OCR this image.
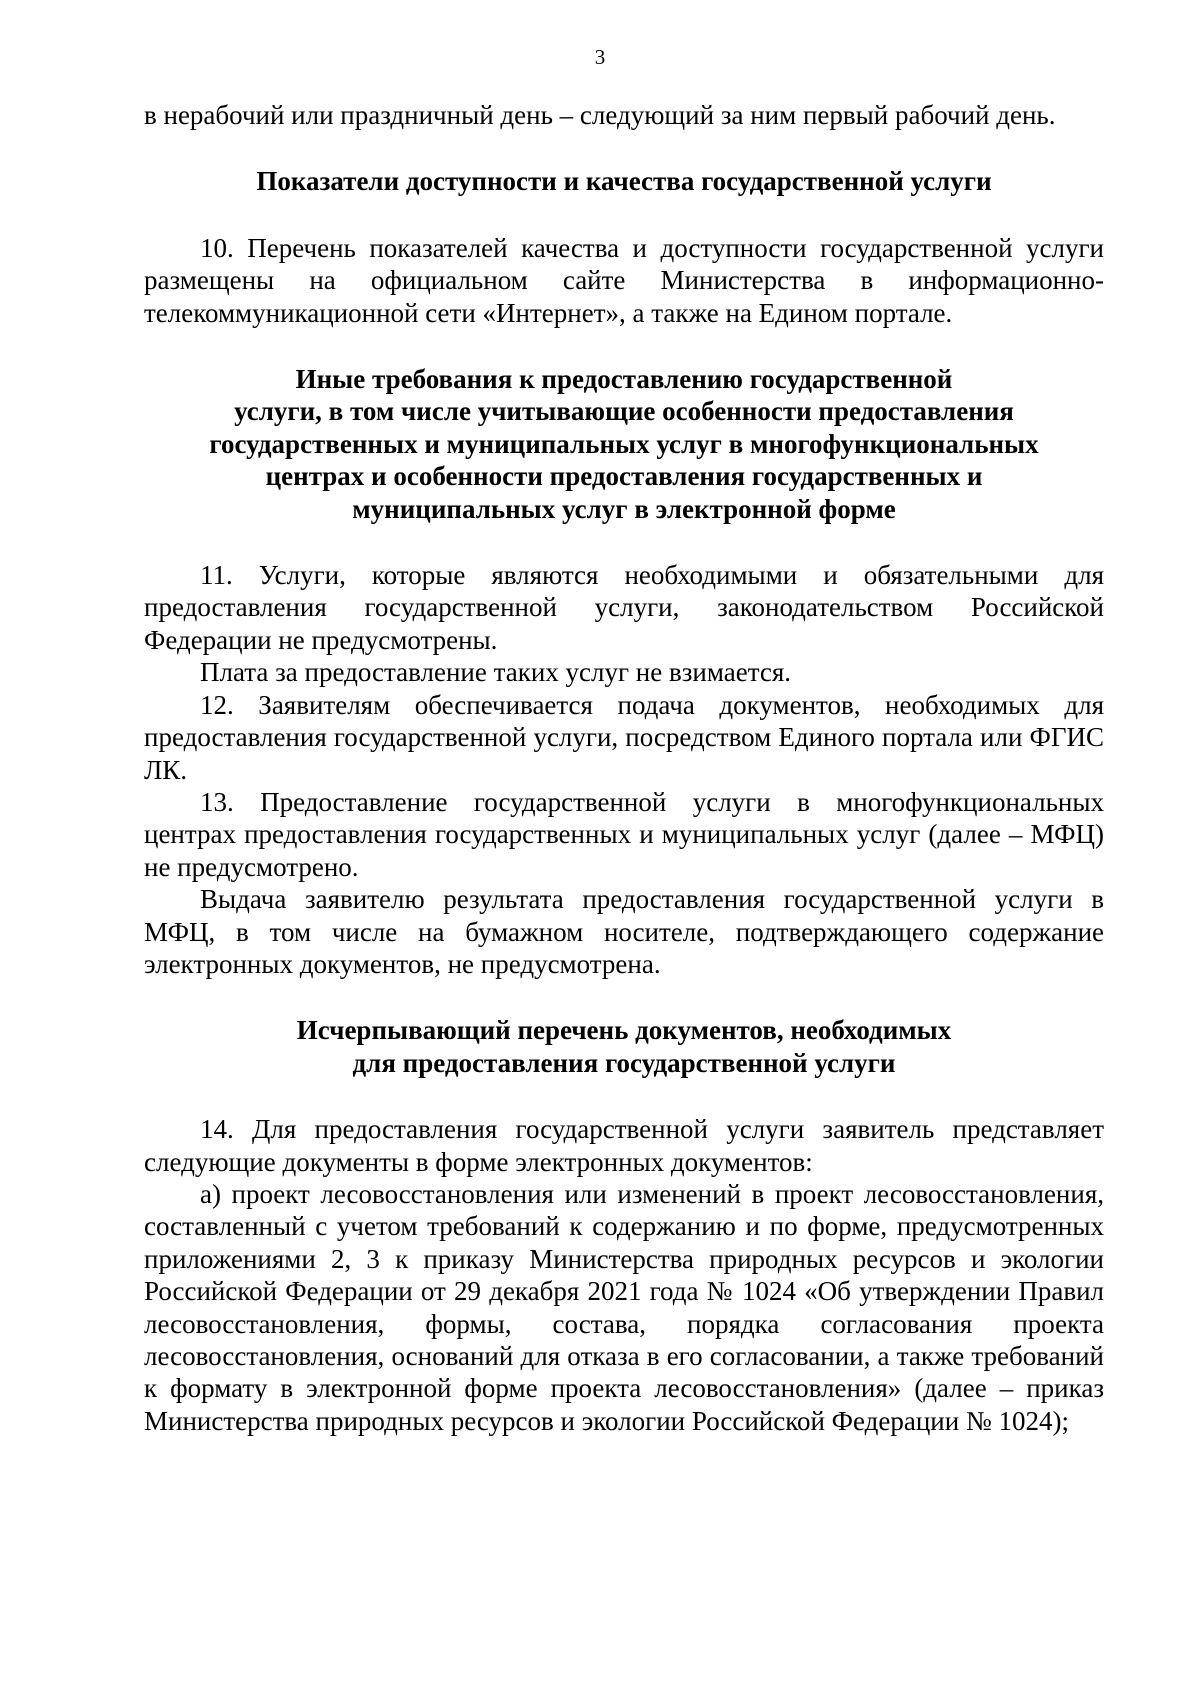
3

в нерабочий или праздничный день – следующий за ним первый рабочий день.

Показатели доступности и качества государственной услуги

10. Перечень показателей качества и доступности государственной услуги размещены на официальном сайте Министерства в информационно-телекоммуникационной сети «Интернет», а также на Едином портале.

Иные требования к предоставлению государственной
услуги, в том числе учитывающие особенности предоставления
государственных и муниципальных услуг в многофункциональных
центрах и особенности предоставления государственных и
муниципальных услуг в электронной форме

11. Услуги, которые являются необходимыми и обязательными для предоставления государственной услуги, законодательством Российской Федерации не предусмотрены.

Плата за предоставление таких услуг не взимается.

12. Заявителям обеспечивается подача документов, необходимых для предоставления государственной услуги, посредством Единого портала или ФГИС ЛК.

13. Предоставление государственной услуги в многофункциональных центрах предоставления государственных и муниципальных услуг (далее – МФЦ) не предусмотрено.

Выдача заявителю результата предоставления государственной услуги в МФЦ, в том числе на бумажном носителе, подтверждающего содержание электронных документов, не предусмотрена.

Исчерпывающий перечень документов, необходимых
для предоставления государственной услуги

14. Для предоставления государственной услуги заявитель представляет следующие документы в форме электронных документов:

а) проект лесовосстановления или изменений в проект лесовосстановления, составленный с учетом требований к содержанию и по форме, предусмотренных приложениями 2, 3 к приказу Министерства природных ресурсов и экологии Российской Федерации от 29 декабря 2021 года № 1024 «Об утверждении Правил лесовосстановления, формы, состава, порядка согласования проекта лесовосстановления, оснований для отказа в его согласовании, а также требований к формату в электронной форме проекта лесовосстановления» (далее – приказ Министерства природных ресурсов и экологии Российской Федерации № 1024);
